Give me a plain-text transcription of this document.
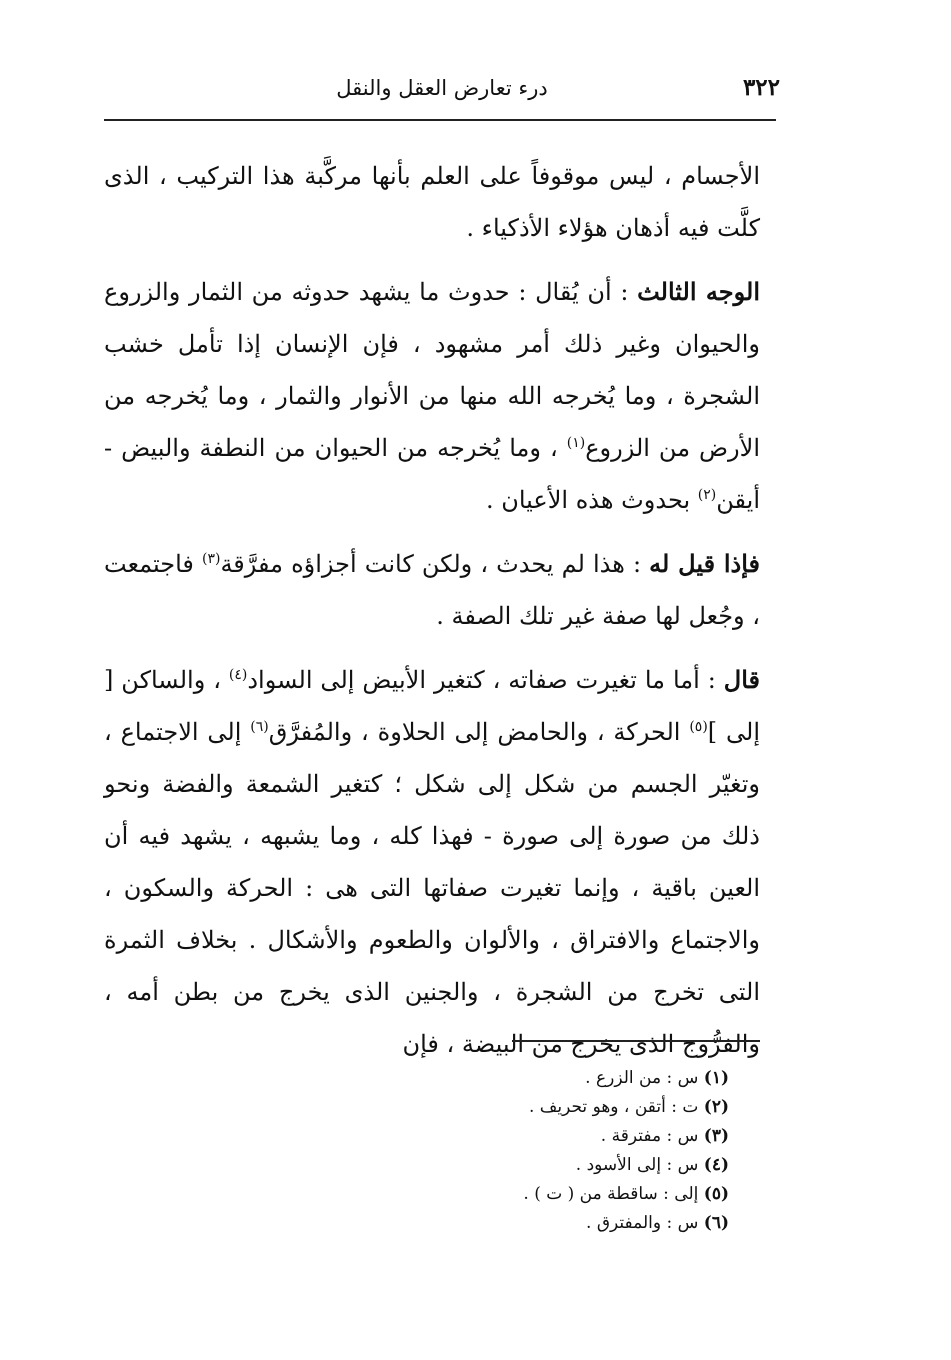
٣٢٢
درء تعارض العقل والنقل

الأجسام ، ليس موقوفاً على العلم بأنها مركَّبة هذا التركيب ، الذى كلَّت فيه أذهان هؤلاء الأذكياء .

الوجه الثالث : أن يُقال : حدوث ما يشهد حدوثه من الثمار والزروع والحيوان وغير ذلك أمر مشهود ، فإن الإنسان إذا تأمل خشب الشجرة ، وما يُخرجه الله منها من الأنوار والثمار ، وما يُخرجه من الأرض من الزروع$^{(١)}$ ، وما يُخرجه من الحيوان من النطفة والبيض - أيقن$^{(٢)}$ بحدوث هذه الأعيان .

فإذا قيل له : هذا لم يحدث ، ولكن كانت أجزاؤه مفرَّقة$^{(٣)}$ فاجتمعت ، وجُعل لها صفة غير تلك الصفة .

قال : أما ما تغيرت صفاته ، كتغير الأبيض إلى السواد$^{(٤)}$ ، والساكن [ إلى ]$^{(٥)}$ الحركة ، والحامض إلى الحلاوة ، والمُفرَّق$^{(٦)}$ إلى الاجتماع ، وتغيّر الجسم من شكل إلى شكل ؛ كتغير الشمعة والفضة ونحو ذلك من صورة إلى صورة - فهذا كله ، وما يشبهه ، يشهد فيه أن العين باقية ، وإنما تغيرت صفاتها التى هى : الحركة والسكون ، والاجتماع والافتراق ، والألوان والطعوم والأشكال . بخلاف الثمرة التى تخرج من الشجرة ، والجنين الذى يخرج من بطن أمه ، والفرُّوج الذى يخرج من البيضة ، فإن

(١) س : من الزرع .
(٢) ت : أتقن ، وهو تحريف .
(٣) س : مفترقة .
(٤) س : إلى الأسود .
(٥) إلى : ساقطة من ( ت ) .
(٦) س : والمفترق .
